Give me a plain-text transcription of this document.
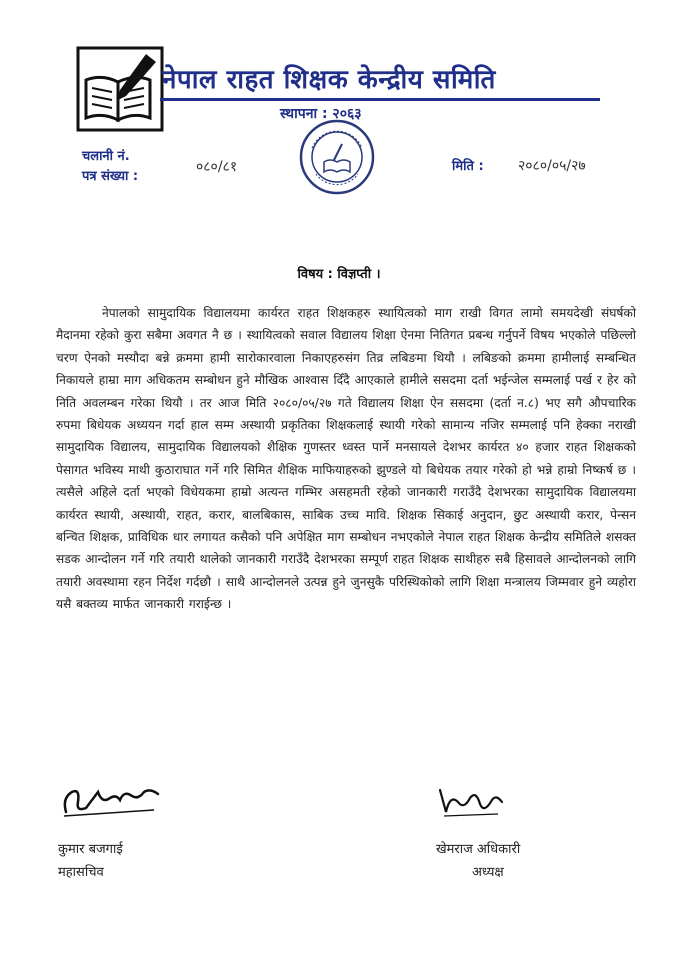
नेपाल राहत शिक्षक केन्द्रीय समिति
स्थापना : २०६३
चलानी नं.
पत्र संख्या :
०८०/८१	मिति : २०८०/०५/२७
विषय : विज्ञप्ती ।

नेपालको सामुदायिक विद्यालयमा कार्यरत राहत शिक्षकहरु स्थायित्वको माग राखी विगत लामो समयदेखी संघर्षको मैदानमा रहेको कुरा सबैमा अवगत नै छ । स्थायित्वको सवाल विद्यालय शिक्षा ऐनमा नितिगत प्रबन्ध गर्नुपर्ने विषय भएकोले पछिल्लो चरण ऐनको मस्यौदा बन्ने क्रममा हामी सारोकारवाला निकाएहरुसंग तिव्र लबिङमा थियौ । लबिङको क्रममा हामीलाई सम्बन्धित निकायले हाम्रा माग अधिकतम सम्बोधन हुने मौखिक आश्वास दिँदै आएकाले हामीले ससदमा दर्ता भईन्जेल सम्मलाई पर्ख र हेर को निति अवलम्बन गरेका थियौ । तर आज मिति २०८०/०५/२७ गते विद्यालय शिक्षा ऐन ससदमा (दर्ता न.८) भए सगै औपचारिक रुपमा बिधेयक अध्ययन गर्दा हाल सम्म अस्थायी प्रकृतिका शिक्षकलाई स्थायी गरेको सामान्य नजिर सम्मलाई पनि हेक्का नराखी सामुदायिक विद्यालय, सामुदायिक विद्यालयको शैक्षिक गुणस्तर ध्वस्त पार्ने मनसायले देशभर कार्यरत ४० हजार राहत शिक्षकको पेसागत भविस्य माथी कुठाराघात गर्ने गरि सिमित शैक्षिक माफियाहरुको झुण्डले यो बिधेयक तयार गरेको हो भन्ने हाम्रो निष्कर्ष छ । त्यसैले अहिले दर्ता भएको विधेयकमा हाम्रो अत्यन्त गम्भिर असहमती रहेको जानकारी गराउँदै देशभरका सामुदायिक विद्यालयमा कार्यरत स्थायी, अस्थायी, राहत, करार, बालबिकास, साबिक उच्च मावि. शिक्षक सिकाई अनुदान, छुट अस्थायी करार, पेन्सन बन्चित शिक्षक, प्राविधिक धार लगायत कसैको पनि अपेक्षित माग सम्बोधन नभएकोले नेपाल राहत शिक्षक केन्द्रीय समितिले शसक्त सडक आन्दोलन गर्ने गरि तयारी थालेको जानकारी गराउँदै देशभरका सम्पूर्ण राहत शिक्षक साथीहरु सबै हिसावले आन्दोलनको लागि तयारी अवस्थामा रहन निर्देश गर्दछौ । साथै आन्दोलनले उत्पन्न हुने जुनसुकै परिस्थिकोको लागि शिक्षा मन्त्रालय जिम्मवार हुने व्यहोरा यसै बक्तव्य मार्फत जानकारी गराईन्छ ।

कुमार बजगाई
महासचिव
खेमराज अधिकारी
अध्यक्ष
